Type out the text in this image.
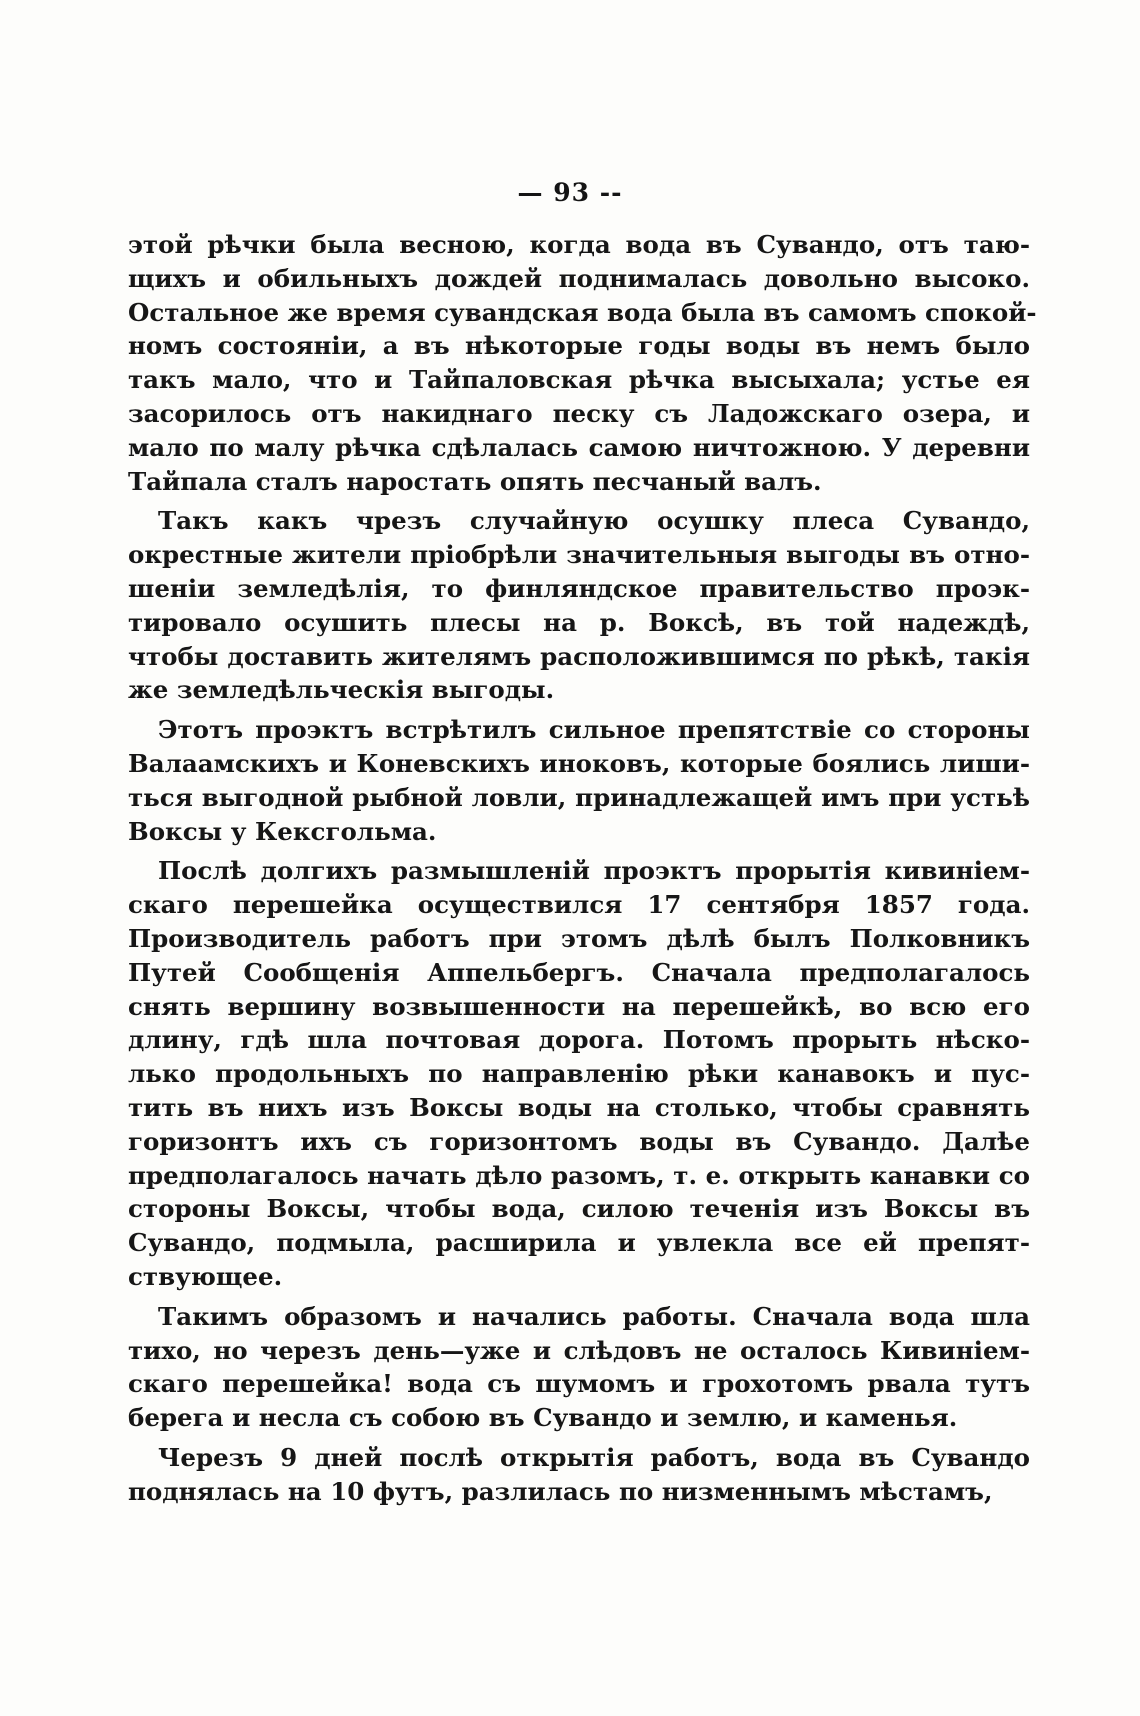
— 93 --

этой рѣчки была весною, когда вода въ Сувандо, отъ таю-
щихъ и обильныхъ дождей поднималась довольно высоко.
Остальное же время сувандская вода была въ самомъ спокой-
номъ состояніи, а въ нѣкоторые годы воды въ немъ было
такъ мало, что и Тайпаловская рѣчка высыхала; устье ея
засорилось отъ накиднаго песку съ Ладожскаго озера, и
мало по малу рѣчка сдѣлалась самою ничтожною. У деревни
Тайпала сталъ наростать опять песчаный валъ.

Такъ какъ чрезъ случайную осушку плеса Сувандо,
окрестные жители пріобрѣли значительныя выгоды въ отно-
шеніи земледѣлія, то финляндское правительство проэк-
тировало осушить плесы на р. Воксѣ, въ той надеждѣ,
чтобы доставить жителямъ расположившимся по рѣкѣ, такія
же земледѣльческія выгоды.

Этотъ проэктъ встрѣтилъ сильное препятствіе со стороны
Валаамскихъ и Коневскихъ иноковъ, которые боялись лиши-
ться выгодной рыбной ловли, принадлежащей имъ при устьѣ
Воксы у Кексгольма.

Послѣ долгихъ размышленій проэктъ прорытія кивиніем-
скаго перешейка осуществился 17 сентября 1857 года.
Производитель работъ при этомъ дѣлѣ былъ Полковникъ
Путей Сообщенія Аппельбергъ. Сначала предполагалось
снять вершину возвышенности на перешейкѣ, во всю его
длину, гдѣ шла почтовая дорога. Потомъ прорыть нѣско-
лько продольныхъ по направленію рѣки канавокъ и пус-
тить въ нихъ изъ Воксы воды на столько, чтобы сравнять
горизонтъ ихъ съ горизонтомъ воды въ Сувандо. Далѣе
предполагалось начать дѣло разомъ, т. е. открыть канавки со
стороны Воксы, чтобы вода, силою теченія изъ Воксы въ
Сувандо, подмыла, расширила и увлекла все ей препят-
ствующее.

Такимъ образомъ и начались работы. Сначала вода шла
тихо, но черезъ день—уже и слѣдовъ не осталось Кивиніем-
скаго перешейка! вода съ шумомъ и грохотомъ рвала тутъ
берега и несла съ собою въ Сувандо и землю, и каменья.

Черезъ 9 дней послѣ открытія работъ, вода въ Сувандо
поднялась на 10 футъ, разлилась по низменнымъ мѣстамъ,
